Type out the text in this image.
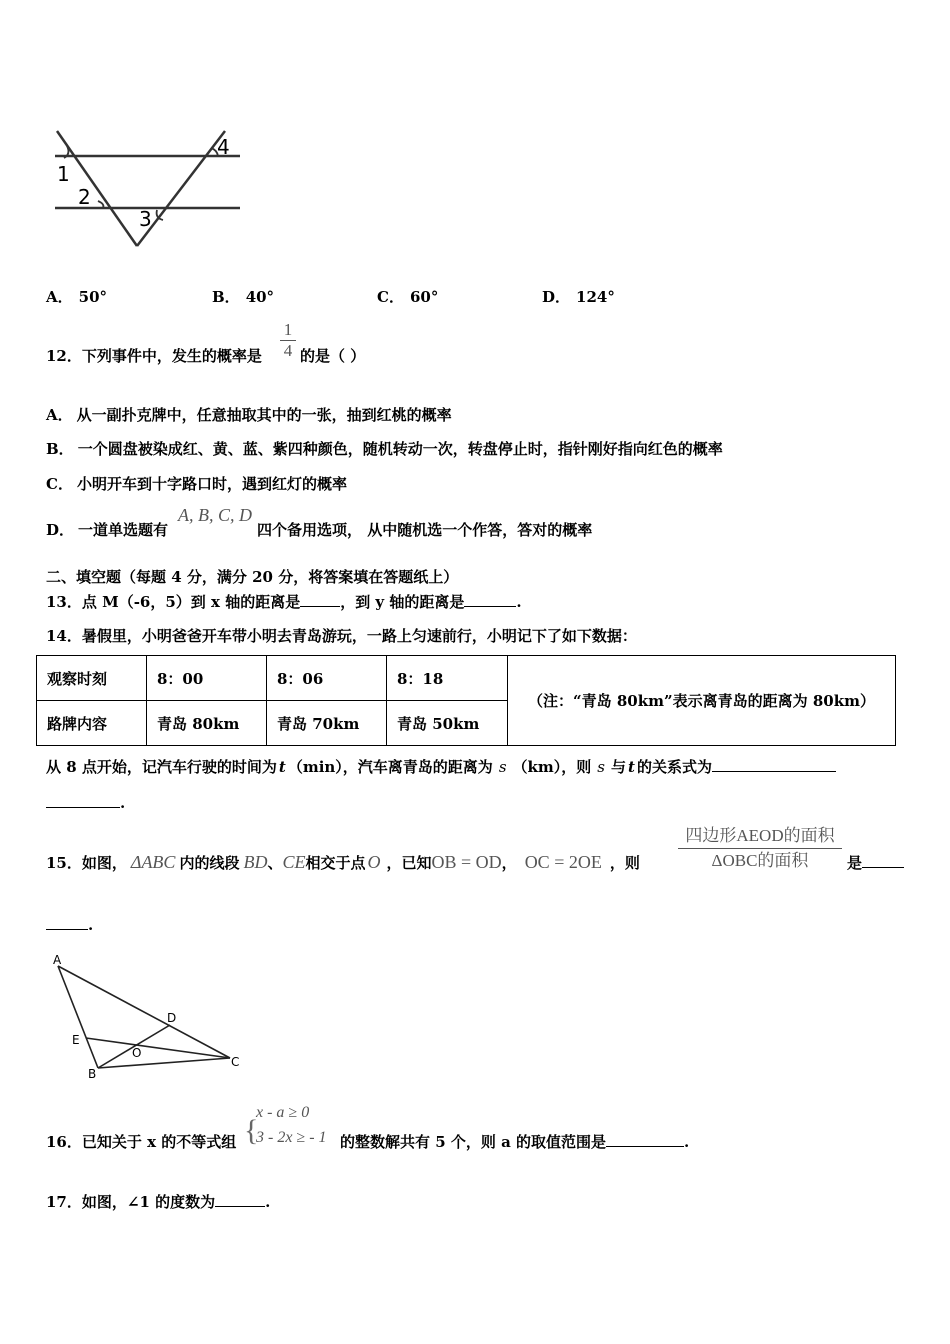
1
2
3
4
A． 50°	B． 40°	C． 60°	D． 124°
12．下列事件中，发生的概率是
1
4 的是（ ）
A． 从一副扑克牌中，任意抽取其中的一张，抽到红桃的概率
B． 一个圆盘被染成红、黄、蓝、紫四种颜色，随机转动一次，转盘停止时，指针刚好指向红色的概率
C． 小明开车到十字路口时，遇到红灯的概率
D． 一道单选题有
A, B, C, D
四个备用选项， 从中随机选一个作答，答对的概率
二、填空题（每题 4 分，满分 20 分，将答案填在答题纸上）
13．点 M（-6，5）到 x 轴的距离是	，到 y 轴的距离是	.
14．暑假里，小明爸爸开车带小明去青岛游玩，一路上匀速前行，小明记下了如下数据：
观察时刻	8：00	8：06	8：18	（注：“青岛 80km”表示离青岛的距离为 80km）
路牌内容	青岛 80km	青岛 70km	青岛 50km	
从 8 点开始，记汽车行驶的时间为 t （min），汽车离青岛的距离为 s （km），则 s 与 t 的关系式为
.
15．如图， ΔABC 内的线段 BD、CE相交于点 O ，已知OB = OD， OC = 2OE ，则
四边形AEOD的面积
ΔOBC的面积	是
.
A
D
E
O
C
B
16．已知关于 x 的不等式组 {
x - a ≥ 0
3 - 2x ≥ - 1 的整数解共有 5 个，则 a 的取值范围是	.
17．如图，∠1 的度数为	.
